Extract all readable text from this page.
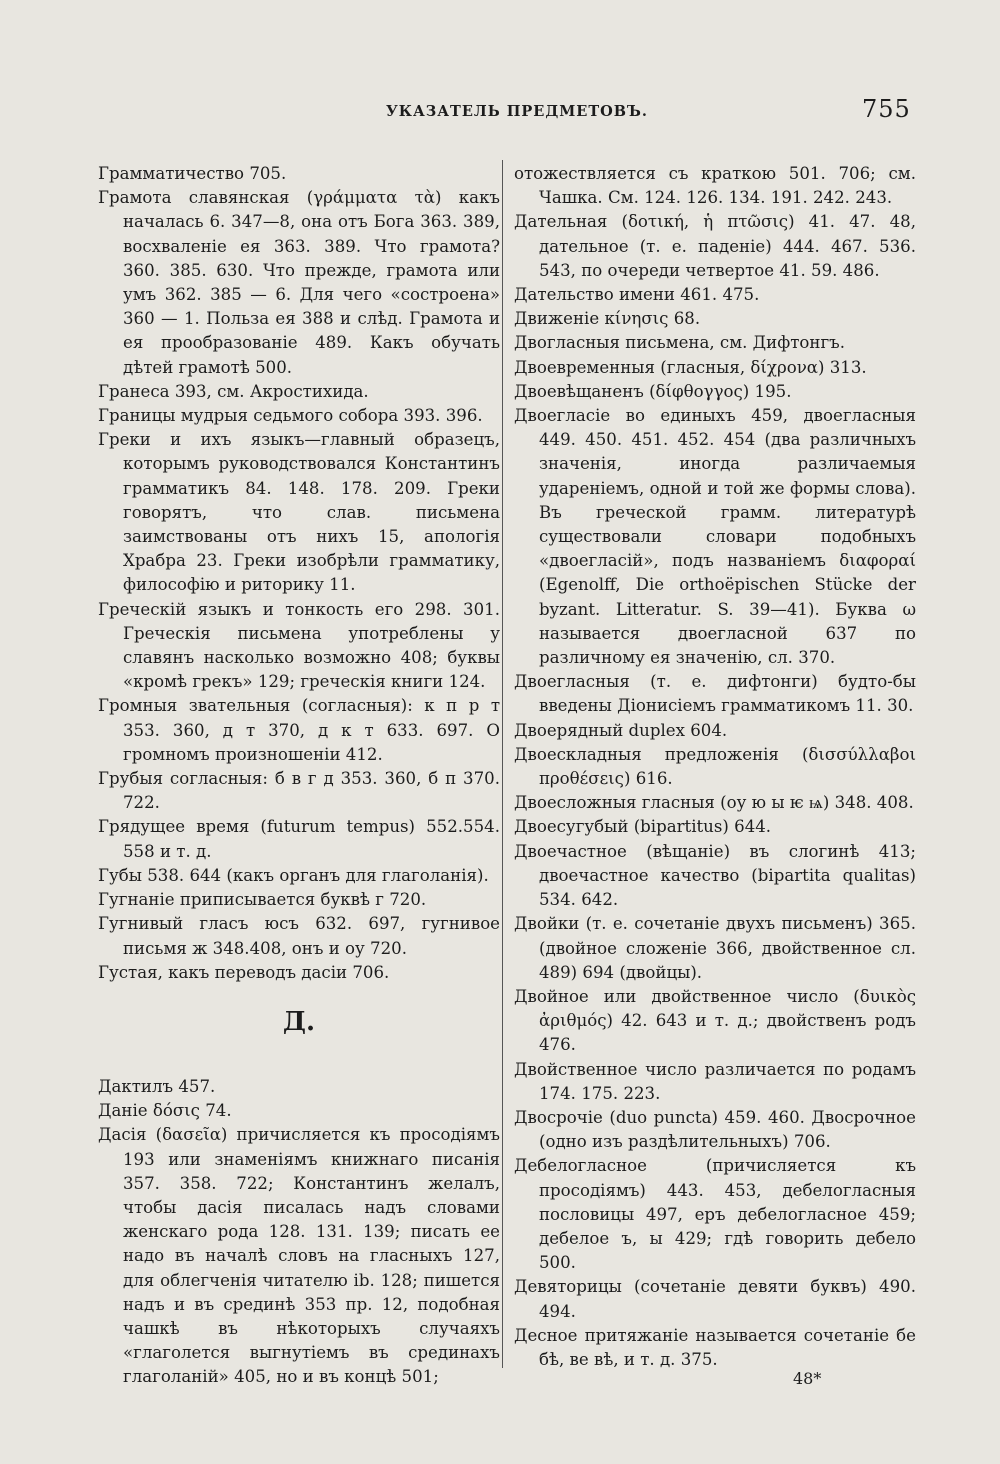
УКАЗАТЕЛЬ ПРЕДМЕТОВЪ.	755

Грамматичество 705.

Грамота славянская (γράμματα τὰ) какъ началась 6. 347—8, она отъ Бога 363. 389, восхваленіе ея 363. 389. Что грамота? 360. 385. 630. Что прежде, грамота или умъ 362. 385 — 6. Для чего «состроена» 360 — 1. Польза ея 388 и слѣд. Грамота и ея прообразованіе 489. Какъ обучать дѣтей грамотѣ 500.

Гранеса 393, см. Акростихида.

Границы мудрыя седьмого собора 393. 396.

Греки и ихъ языкъ—главный образецъ, которымъ руководствовался Константинъ грамматикъ 84. 148. 178. 209. Греки говорятъ, что слав. письмена заимствованы отъ нихъ 15, апологія Храбра 23. Греки изобрѣли грамматику, философію и риторику 11.

Греческій языкъ и тонкость его 298. 301. Греческія письмена употреблены у славянъ насколько возможно 408; буквы «кромѣ грекъ» 129; греческія книги 124.

Громныя звательныя (согласныя): к п р т 353. 360, д т 370, д к т 633. 697. О громномъ произношеніи 412.

Грубыя согласныя: б в г д 353. 360, б п 370. 722.

Грядущее время (futurum tempus) 552.554. 558 и т. д.

Губы 538. 644 (какъ органъ для глаголанія).

Гугнаніе приписывается буквѣ г 720.

Гугнивый гласъ юсъ 632. 697, гугнивое письмя ж 348.408, онъ и оу 720.

Густая, какъ переводъ дасіи 706.

Д.

Дактилъ 457.

Даніе δόσις 74.

Дасія (δασεῖα) причисляется къ просодіямъ 193 или знаменіямъ книжнаго писанія 357. 358. 722; Константинъ желалъ, чтобы дасія писалась надъ словами женскаго рода 128. 131. 139; писать ее надо въ началѣ словъ на гласныхъ 127, для облегченія читателю ib. 128; пишется надъ и въ срединѣ 353 пр. 12, подобная чашкѣ въ нѣкоторыхъ случаяхъ «глаголется выгнутіемъ въ срединахъ глаголаній» 405, но и въ концѣ 501;

отожествляется съ краткою 501. 706; см. Чашка. См. 124. 126. 134. 191. 242. 243.

Дательная (δοτική, ἡ πτῶσις) 41. 47. 48, дательное (т. е. паденіе) 444. 467. 536. 543, по очереди четвертое 41. 59. 486.

Дательство имени 461. 475.

Движеніе κίνησις 68.

Двогласныя письмена, см. Дифтонгъ.

Двоевременныя (гласныя, δίχρονα) 313.

Двоевѣщаненъ (δίφθογγος) 195.

Двоегласіе во единыхъ 459, двоегласныя 449. 450. 451. 452. 454 (два различныхъ значенія, иногда различаемыя удареніемъ, одной и той же формы слова). Въ греческой грамм. литературѣ существовали словари подобныхъ «двоегласій», подъ названіемъ διαφοραί (Egenolff, Die orthoëpischen Stücke der byzant. Litteratur. S. 39—41). Буква ω называется двоегласной 637 по различному ея значенію, сл. 370.

Двоегласныя (т. е. дифтонги) будто-бы введены Діонисіемъ грамматикомъ 11. 30.

Двоерядный duplex 604.

Двоескладныя предложенія (δισσύλλαβοι προθέσεις) 616.

Двоесложныя гласныя (оу ю ы ѥ ѩ) 348. 408.

Двоесугубый (bipartitus) 644.

Двоечастное (вѣщаніе) въ слогинѣ 413; двоечастное качество (bipartita qualitas) 534. 642.

Двойки (т. е. сочетаніе двухъ письменъ) 365. (двойное сложеніе 366, двойственное сл. 489) 694 (двойцы).

Двойное или двойственное число (δυικὸς ἀριθμός) 42. 643 и т. д.; двойственъ родъ 476.

Двойственное число различается по родамъ 174. 175. 223.

Двосрочіе (duo puncta) 459. 460. Двосрочное (одно изъ раздѣлительныхъ) 706.

Дебелогласное (причисляется къ просодіямъ) 443. 453, дебелогласныя пословицы 497, еръ дебелогласное 459; дебелое ъ, ы 429; гдѣ говорить дебело 500.

Девяторицы (сочетаніе девяти буквъ) 490. 494.

Десное притяжаніе называется сочетаніе бе бѣ, ве вѣ, и т. д. 375.

48*
